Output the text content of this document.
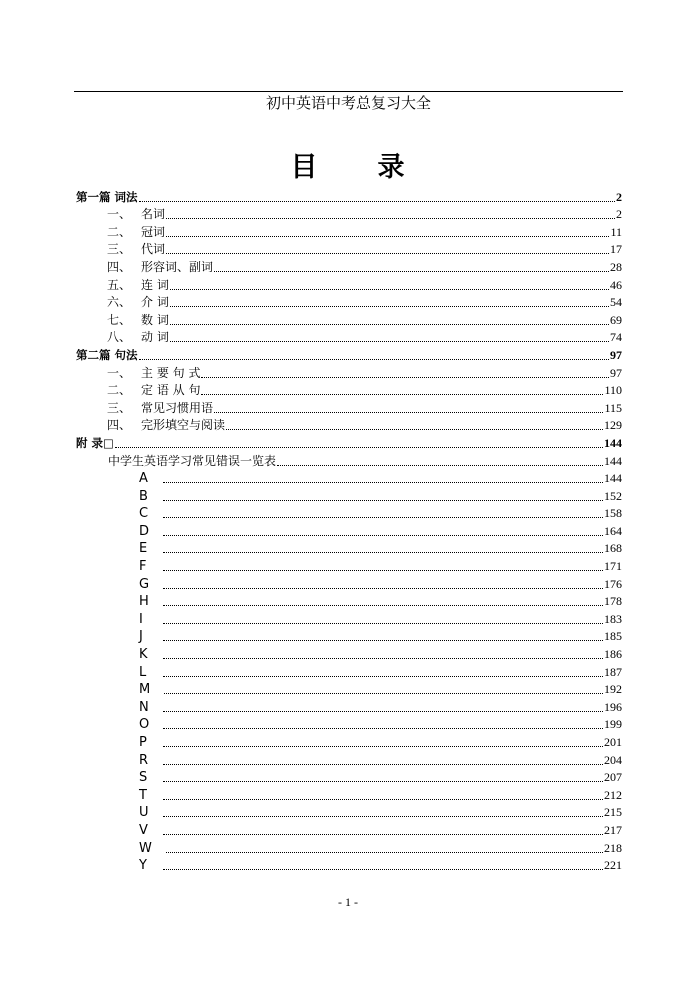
初中英语中考总复习大全
目 录
第一篇 词法	2
一、 名词	2
二、 冠词	11
三、 代词	17
四、 形容词、副词	28
五、 连 词	46
六、 介 词	54
七、 数 词	69
八、 动 词	74
第二篇 句法	97
一、 主 要 句 式	97
二、 定 语 从 句	110
三、 常见习惯用语	115
四、 完形填空与阅读	129
附 录□	144
中学生英语学习常见错误一览表	144
A	144
B	152
C	158
D	164
E	168
F	171
G	176
H	178
I	183
J	185
K	186
L	187
M	192
N	196
O	199
P	201
R	204
S	207
T	212
U	215
V	217
W	218
Y	221
- 1 -
